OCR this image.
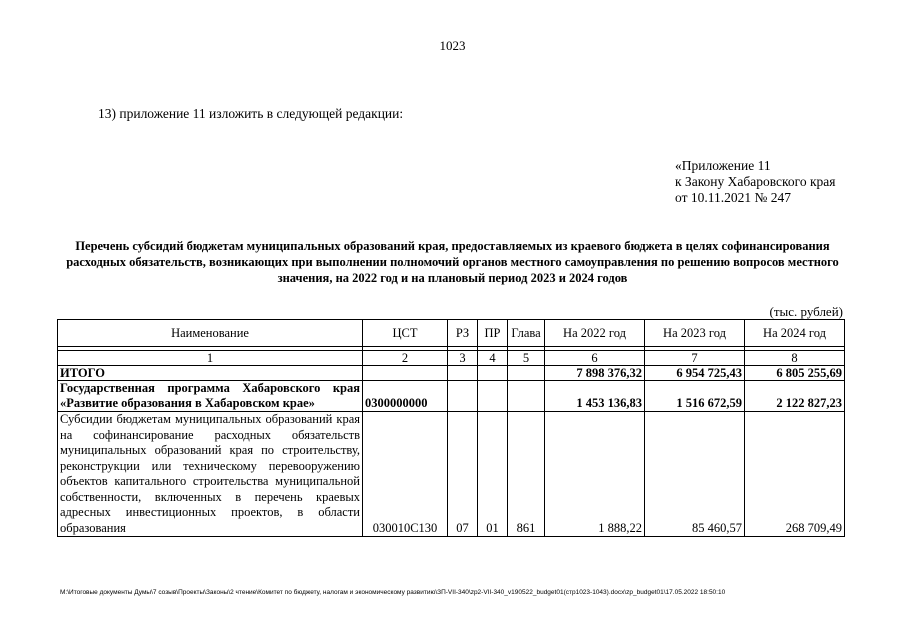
1023
13) приложение 11 изложить в следующей редакции:
«Приложение 11
к Закону Хабаровского края
от 10.11.2021 № 247
Перечень субсидий бюджетам муниципальных образований края, предоставляемых из краевого бюджета в целях софинансирования расходных обязательств, возникающих при выполнении полномочий органов местного самоуправления по решению вопросов местного значения, на 2022 год и на плановый период 2023 и 2024 годов
(тыс. рублей)
Наименование	ЦСТ	РЗ	ПР	Глава	На 2022 год	На 2023 год	На 2024 год

1	2	3	4	5	6	7	8
ИТОГО					7 898 376,32	6 954 725,43	6 805 255,69
Государственная программа Хабаровского края «Развитие образования в Хабаровском крае»	0300000000				1 453 136,83	1 516 672,59	2 122 827,23
Субсидии бюджетам муниципальных образований края на софинансирование расходных обязательств муниципальных образований края по строительству, реконструкции или техническому перевооружению объектов капитального строительства муниципальной собственности, включенных в перечень краевых адресных инвестиционных проектов, в области образования	030010С130	07	01	861	1 888,22	85 460,57	268 709,49
M:\Итоговые документы Думы\7 созыв\Проекты\Законы\2 чтение\Комитет по бюджету, налогам и экономическому развитию\ЗП-VII-340\zp2-VII-340_v190522_budget01(стр1023-1043).docx\zp_budget01\17.05.2022 18:50:10
